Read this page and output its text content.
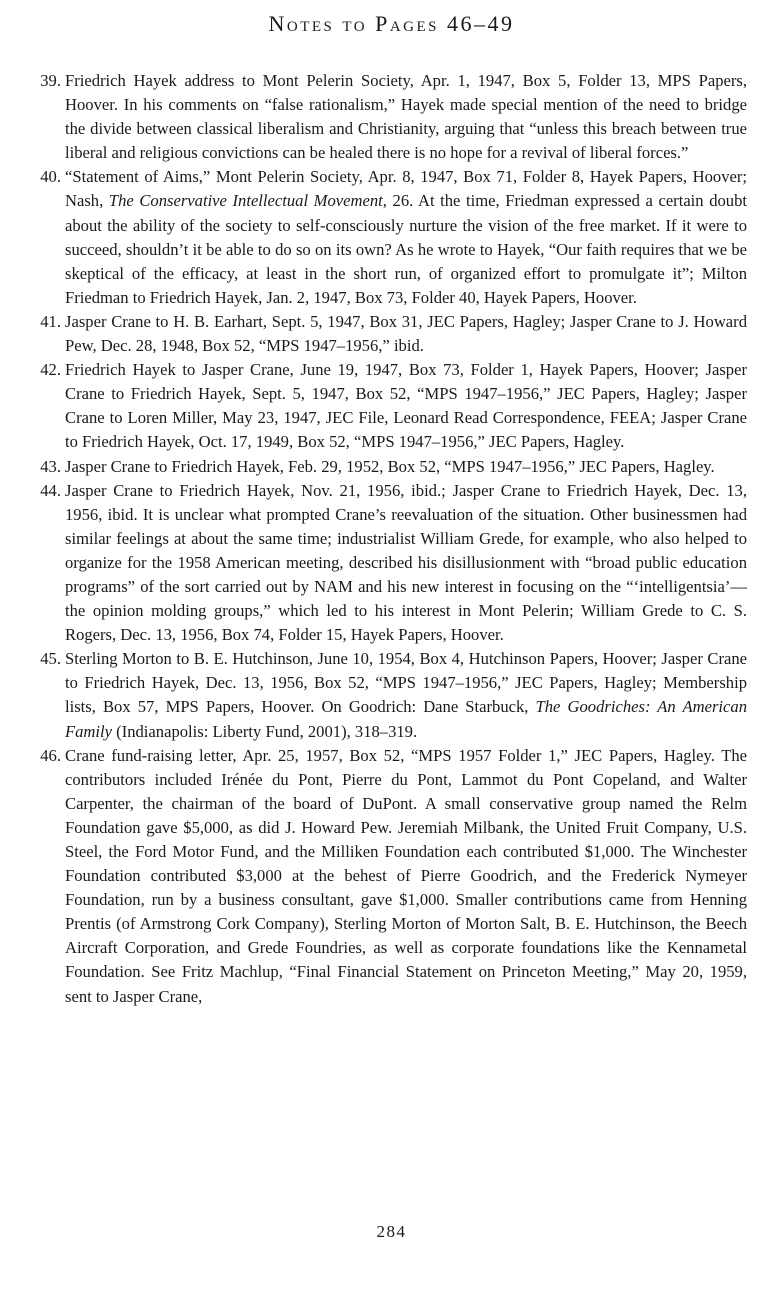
Notes to Pages 46–49
39. Friedrich Hayek address to Mont Pelerin Society, Apr. 1, 1947, Box 5, Folder 13, MPS Papers, Hoover. In his comments on “false rationalism,” Hayek made special mention of the need to bridge the divide between classical liberalism and Christianity, arguing that “unless this breach between true liberal and religious convictions can be healed there is no hope for a revival of liberal forces.”
40. “Statement of Aims,” Mont Pelerin Society, Apr. 8, 1947, Box 71, Folder 8, Hayek Papers, Hoover; Nash, The Conservative Intellectual Movement, 26. At the time, Friedman expressed a certain doubt about the ability of the society to self-consciously nurture the vision of the free market. If it were to succeed, shouldn’t it be able to do so on its own? As he wrote to Hayek, “Our faith requires that we be skeptical of the efficacy, at least in the short run, of organized effort to promulgate it”; Milton Friedman to Friedrich Hayek, Jan. 2, 1947, Box 73, Folder 40, Hayek Papers, Hoover.
41. Jasper Crane to H. B. Earhart, Sept. 5, 1947, Box 31, JEC Papers, Hagley; Jasper Crane to J. Howard Pew, Dec. 28, 1948, Box 52, “MPS 1947–1956,” ibid.
42. Friedrich Hayek to Jasper Crane, June 19, 1947, Box 73, Folder 1, Hayek Papers, Hoover; Jasper Crane to Friedrich Hayek, Sept. 5, 1947, Box 52, “MPS 1947–1956,” JEC Papers, Hagley; Jasper Crane to Loren Miller, May 23, 1947, JEC File, Leonard Read Correspondence, FEEA; Jasper Crane to Friedrich Hayek, Oct. 17, 1949, Box 52, “MPS 1947–1956,” JEC Papers, Hagley.
43. Jasper Crane to Friedrich Hayek, Feb. 29, 1952, Box 52, “MPS 1947–1956,” JEC Papers, Hagley.
44. Jasper Crane to Friedrich Hayek, Nov. 21, 1956, ibid.; Jasper Crane to Friedrich Hayek, Dec. 13, 1956, ibid. It is unclear what prompted Crane’s reevaluation of the situation. Other businessmen had similar feelings at about the same time; industrialist William Grede, for example, who also helped to organize for the 1958 American meeting, described his disillusionment with “broad public education programs” of the sort carried out by NAM and his new interest in focusing on the “‘intelligentsia’—the opinion molding groups,” which led to his interest in Mont Pelerin; William Grede to C. S. Rogers, Dec. 13, 1956, Box 74, Folder 15, Hayek Papers, Hoover.
45. Sterling Morton to B. E. Hutchinson, June 10, 1954, Box 4, Hutchinson Papers, Hoover; Jasper Crane to Friedrich Hayek, Dec. 13, 1956, Box 52, “MPS 1947–1956,” JEC Papers, Hagley; Membership lists, Box 57, MPS Papers, Hoover. On Goodrich: Dane Starbuck, The Goodriches: An American Family (Indianapolis: Liberty Fund, 2001), 318–319.
46. Crane fund-raising letter, Apr. 25, 1957, Box 52, “MPS 1957 Folder 1,” JEC Papers, Hagley. The contributors included Irénée du Pont, Pierre du Pont, Lammot du Pont Copeland, and Walter Carpenter, the chairman of the board of DuPont. A small conservative group named the Relm Foundation gave $5,000, as did J. Howard Pew. Jeremiah Milbank, the United Fruit Company, U.S. Steel, the Ford Motor Fund, and the Milliken Foundation each contributed $1,000. The Winchester Foundation contributed $3,000 at the behest of Pierre Goodrich, and the Frederick Nymeyer Foundation, run by a business consultant, gave $1,000. Smaller contributions came from Henning Prentis (of Armstrong Cork Company), Sterling Morton of Morton Salt, B. E. Hutchinson, the Beech Aircraft Corporation, and Grede Foundries, as well as corporate foundations like the Kennametal Foundation. See Fritz Machlup, “Final Financial Statement on Princeton Meeting,” May 20, 1959, sent to Jasper Crane,
284
